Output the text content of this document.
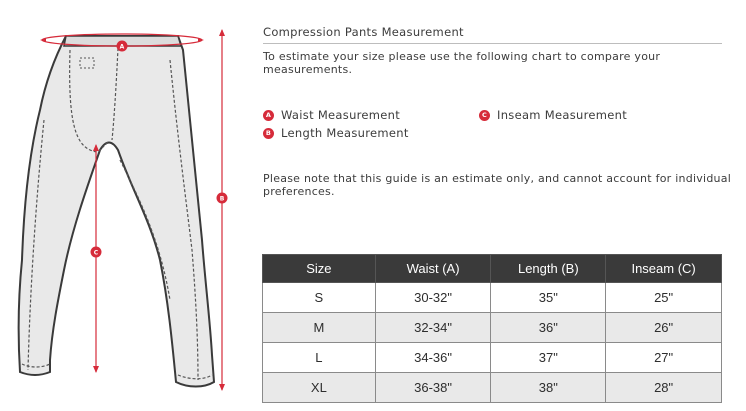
A
B
C
Compression Pants Measurement
To estimate your size please use the following chart to compare your measurements.
A Waist Measurement
B Length Measurement
C Inseam Measurement
Please note that this guide is an estimate only, and cannot account for individual preferences.
Size	Waist (A)	Length (B)	Inseam (C)
S	30-32"	35"	25"
M	32-34"	36"	26"
L	34-36"	37"	27"
XL	36-38"	38"	28"
